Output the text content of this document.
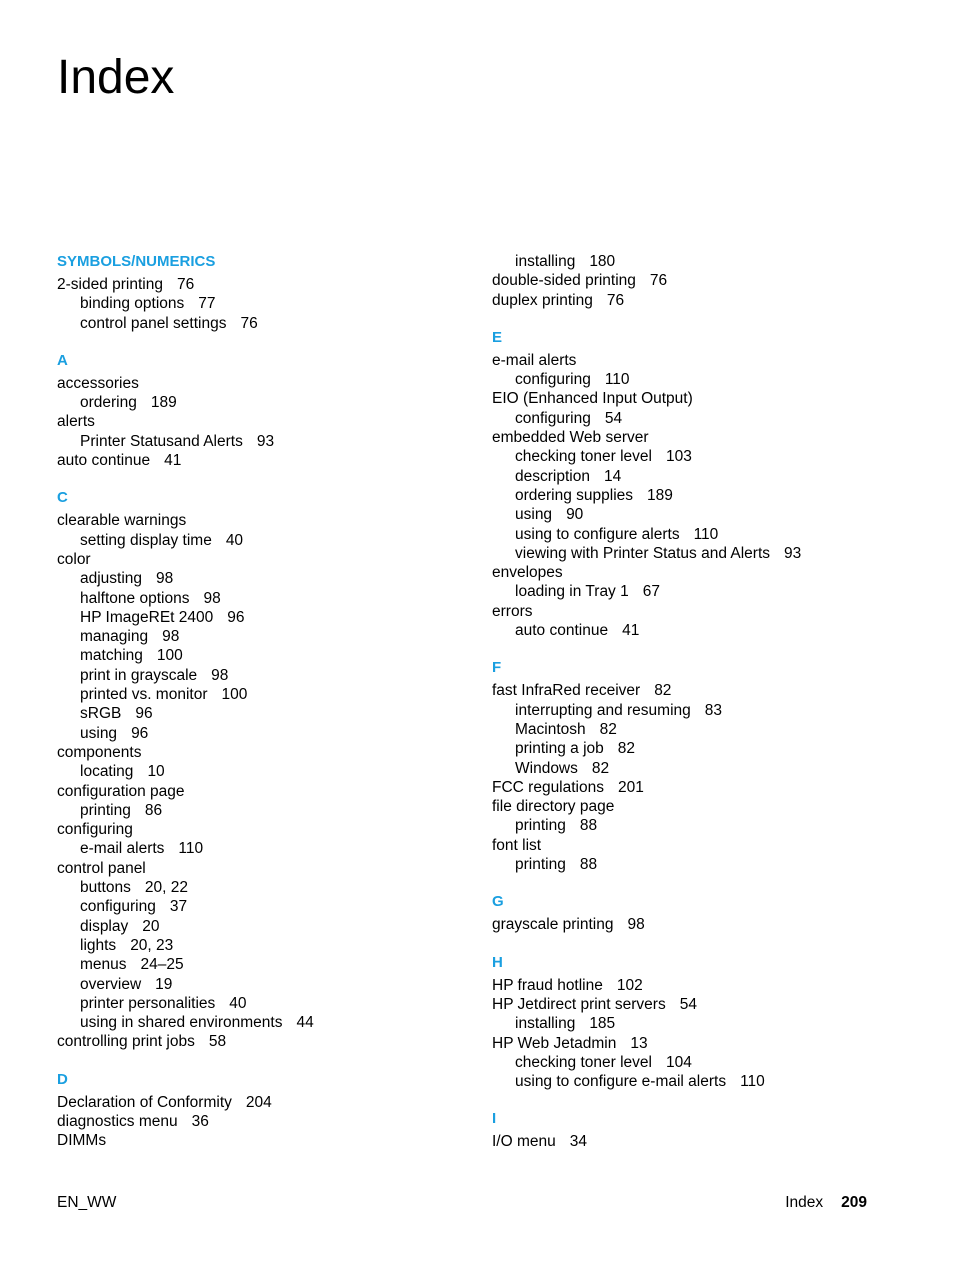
Index
SYMBOLS/NUMERICS
2-sided printing 76
binding options 77
control panel settings 76
A
accessories
ordering 189
alerts
Printer Statusand Alerts 93
auto continue 41
C
clearable warnings
setting display time 40
color
adjusting 98
halftone options 98
HP ImageREt 2400 96
managing 98
matching 100
print in grayscale 98
printed vs. monitor 100
sRGB 96
using 96
components
locating 10
configuration page
printing 86
configuring
e-mail alerts 110
control panel
buttons 20, 22
configuring 37
display 20
lights 20, 23
menus 24–25
overview 19
printer personalities 40
using in shared environments 44
controlling print jobs 58
D
Declaration of Conformity 204
diagnostics menu 36
DIMMs
installing 180
double-sided printing 76
duplex printing 76
E
e-mail alerts
configuring 110
EIO (Enhanced Input Output)
configuring 54
embedded Web server
checking toner level 103
description 14
ordering supplies 189
using 90
using to configure alerts 110
viewing with Printer Status and Alerts 93
envelopes
loading in Tray 1 67
errors
auto continue 41
F
fast InfraRed receiver 82
interrupting and resuming 83
Macintosh 82
printing a job 82
Windows 82
FCC regulations 201
file directory page
printing 88
font list
printing 88
G
grayscale printing 98
H
HP fraud hotline 102
HP Jetdirect print servers 54
installing 185
HP Web Jetadmin 13
checking toner level 104
using to configure e-mail alerts 110
I
I/O menu 34
EN_WW	Index 209
